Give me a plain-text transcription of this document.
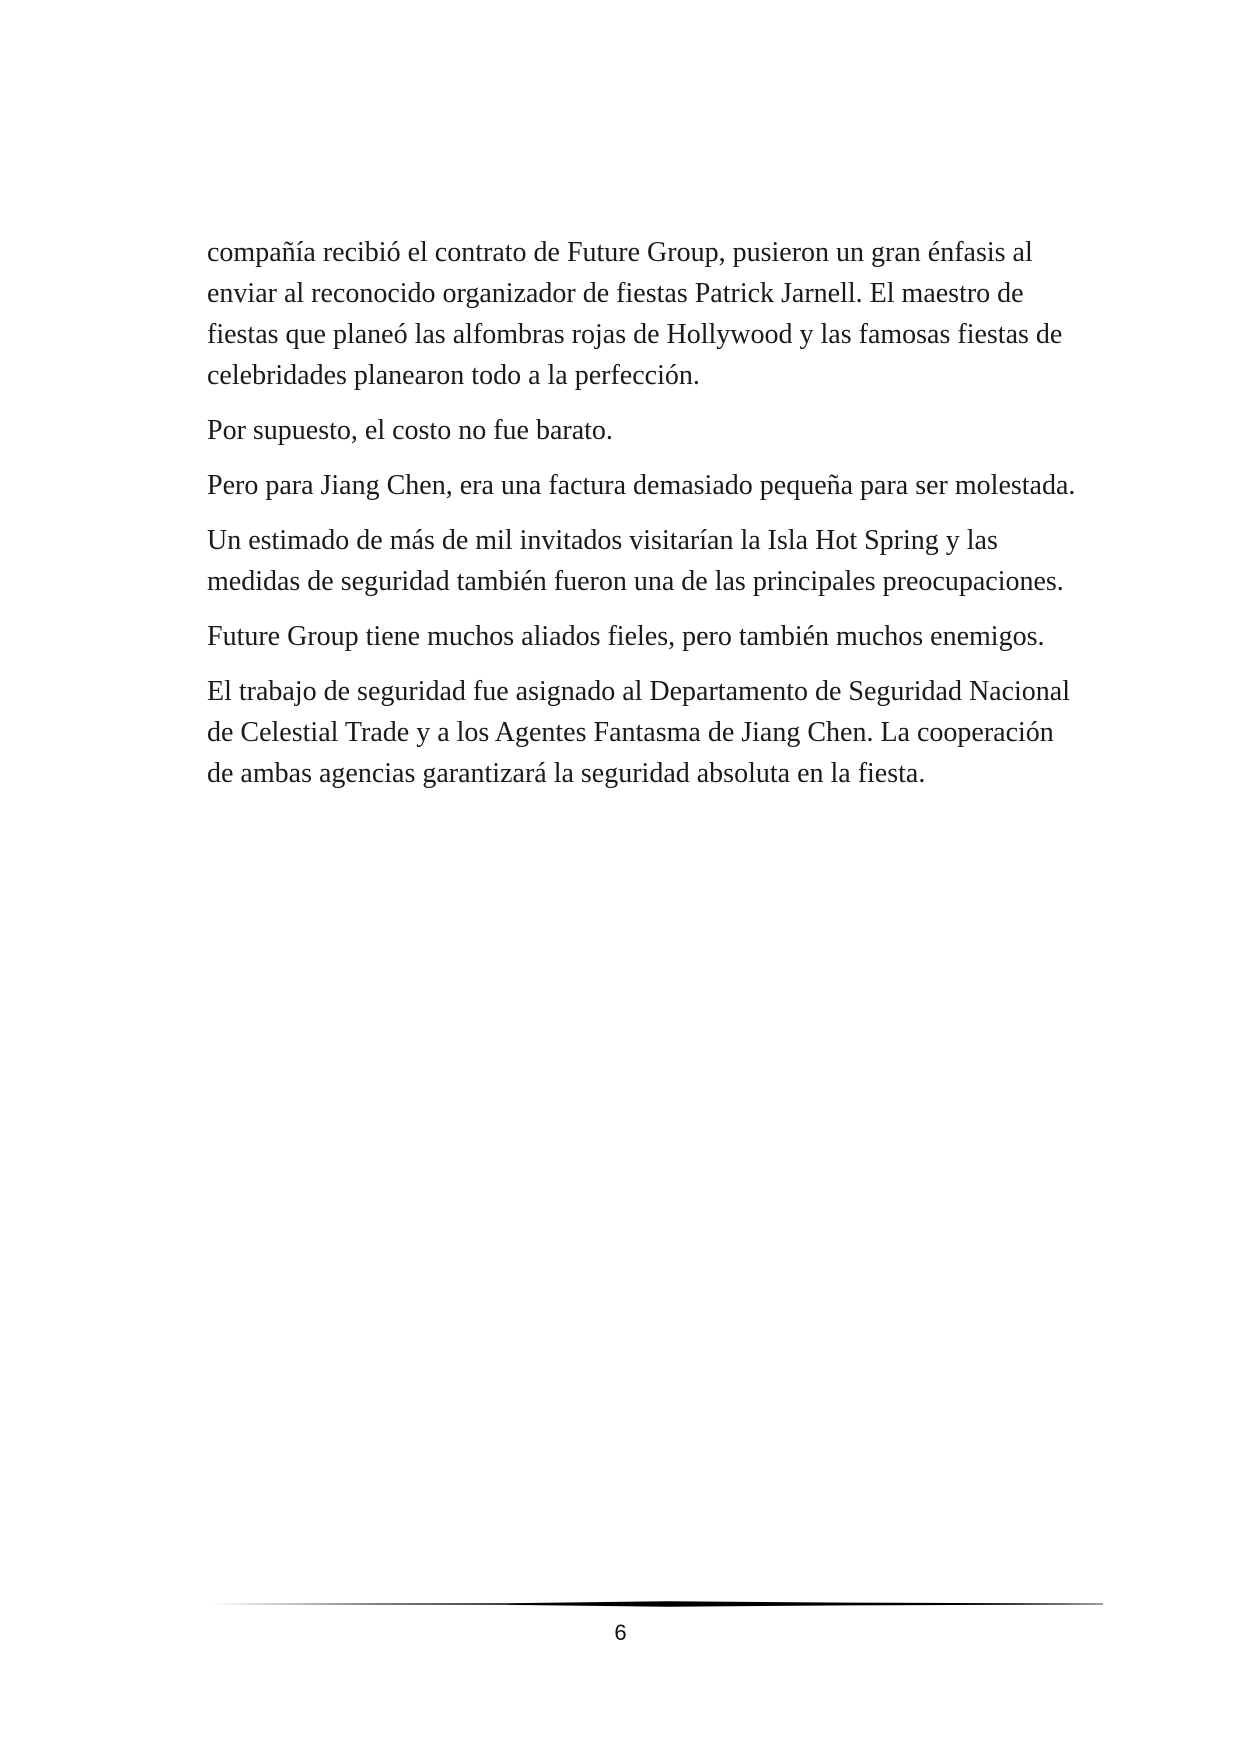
compañía recibió el contrato de Future Group, pusieron un gran énfasis al enviar al reconocido organizador de fiestas Patrick Jarnell. El maestro de fiestas que planeó las alfombras rojas de Hollywood y las famosas fiestas de celebridades planearon todo a la perfección.

Por supuesto, el costo no fue barato.

Pero para Jiang Chen, era una factura demasiado pequeña para ser molestada.

Un estimado de más de mil invitados visitarían la Isla Hot Spring y las medidas de seguridad también fueron una de las principales preocupaciones.

Future Group tiene muchos aliados fieles, pero también muchos enemigos.

El trabajo de seguridad fue asignado al Departamento de Seguridad Nacional de Celestial Trade y a los Agentes Fantasma de Jiang Chen. La cooperación de ambas agencias garantizará la seguridad absoluta en la fiesta.

6
